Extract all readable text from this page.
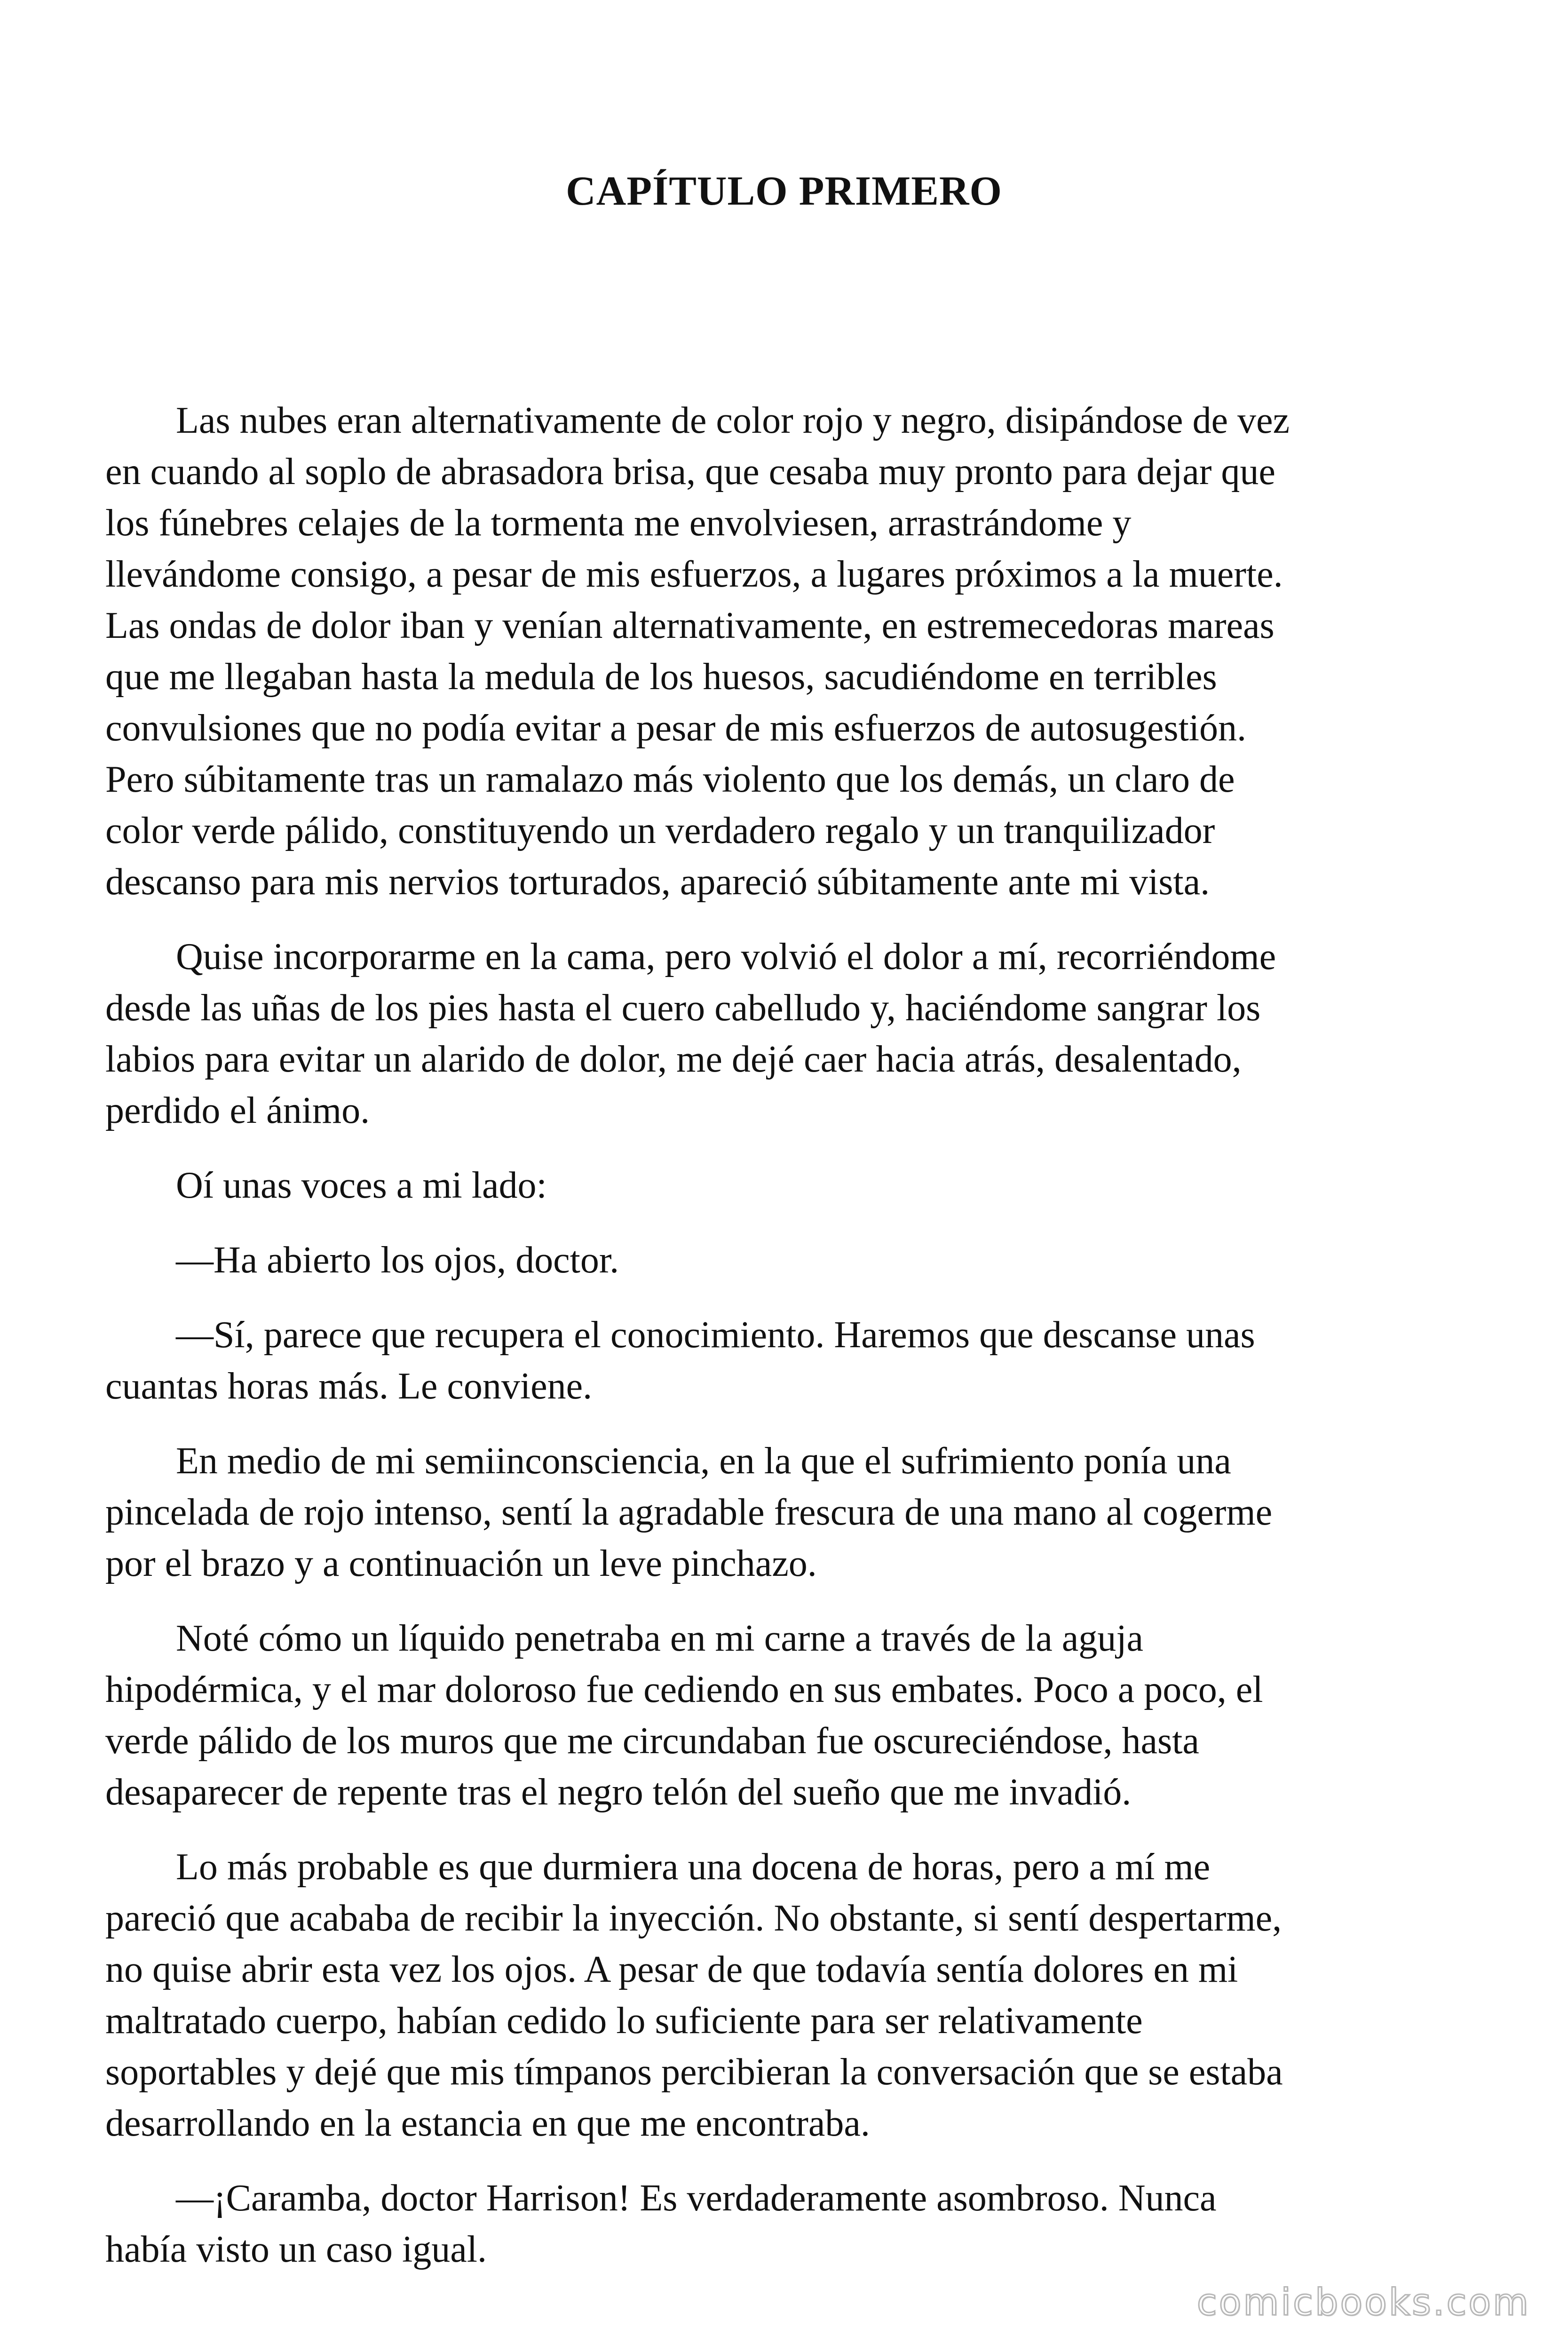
CAPÍTULO PRIMERO

Las nubes eran alternativamente de color rojo y negro, disipándose de vez
en cuando al soplo de abrasadora brisa, que cesaba muy pronto para dejar que
los fúnebres celajes de la tormenta me envolviesen, arrastrándome y
llevándome consigo, a pesar de mis esfuerzos, a lugares próximos a la muerte.
Las ondas de dolor iban y venían alternativamente, en estremecedoras mareas
que me llegaban hasta la medula de los huesos, sacudiéndome en terribles
convulsiones que no podía evitar a pesar de mis esfuerzos de autosugestión.
Pero súbitamente tras un ramalazo más violento que los demás, un claro de
color verde pálido, constituyendo un verdadero regalo y un tranquilizador
descanso para mis nervios torturados, apareció súbitamente ante mi vista.

Quise incorporarme en la cama, pero volvió el dolor a mí, recorriéndome
desde las uñas de los pies hasta el cuero cabelludo y, haciéndome sangrar los
labios para evitar un alarido de dolor, me dejé caer hacia atrás, desalentado,
perdido el ánimo.

Oí unas voces a mi lado:

—Ha abierto los ojos, doctor.

—Sí, parece que recupera el conocimiento. Haremos que descanse unas
cuantas horas más. Le conviene.

En medio de mi semiinconsciencia, en la que el sufrimiento ponía una
pincelada de rojo intenso, sentí la agradable frescura de una mano al cogerme
por el brazo y a continuación un leve pinchazo.

Noté cómo un líquido penetraba en mi carne a través de la aguja
hipodérmica, y el mar doloroso fue cediendo en sus embates. Poco a poco, el
verde pálido de los muros que me circundaban fue oscureciéndose, hasta
desaparecer de repente tras el negro telón del sueño que me invadió.

Lo más probable es que durmiera una docena de horas, pero a mí me
pareció que acababa de recibir la inyección. No obstante, si sentí despertarme,
no quise abrir esta vez los ojos. A pesar de que todavía sentía dolores en mi
maltratado cuerpo, habían cedido lo suficiente para ser relativamente
soportables y dejé que mis tímpanos percibieran la conversación que se estaba
desarrollando en la estancia en que me encontraba.

—¡Caramba, doctor Harrison! Es verdaderamente asombroso. Nunca
había visto un caso igual.

comicbooks.com
